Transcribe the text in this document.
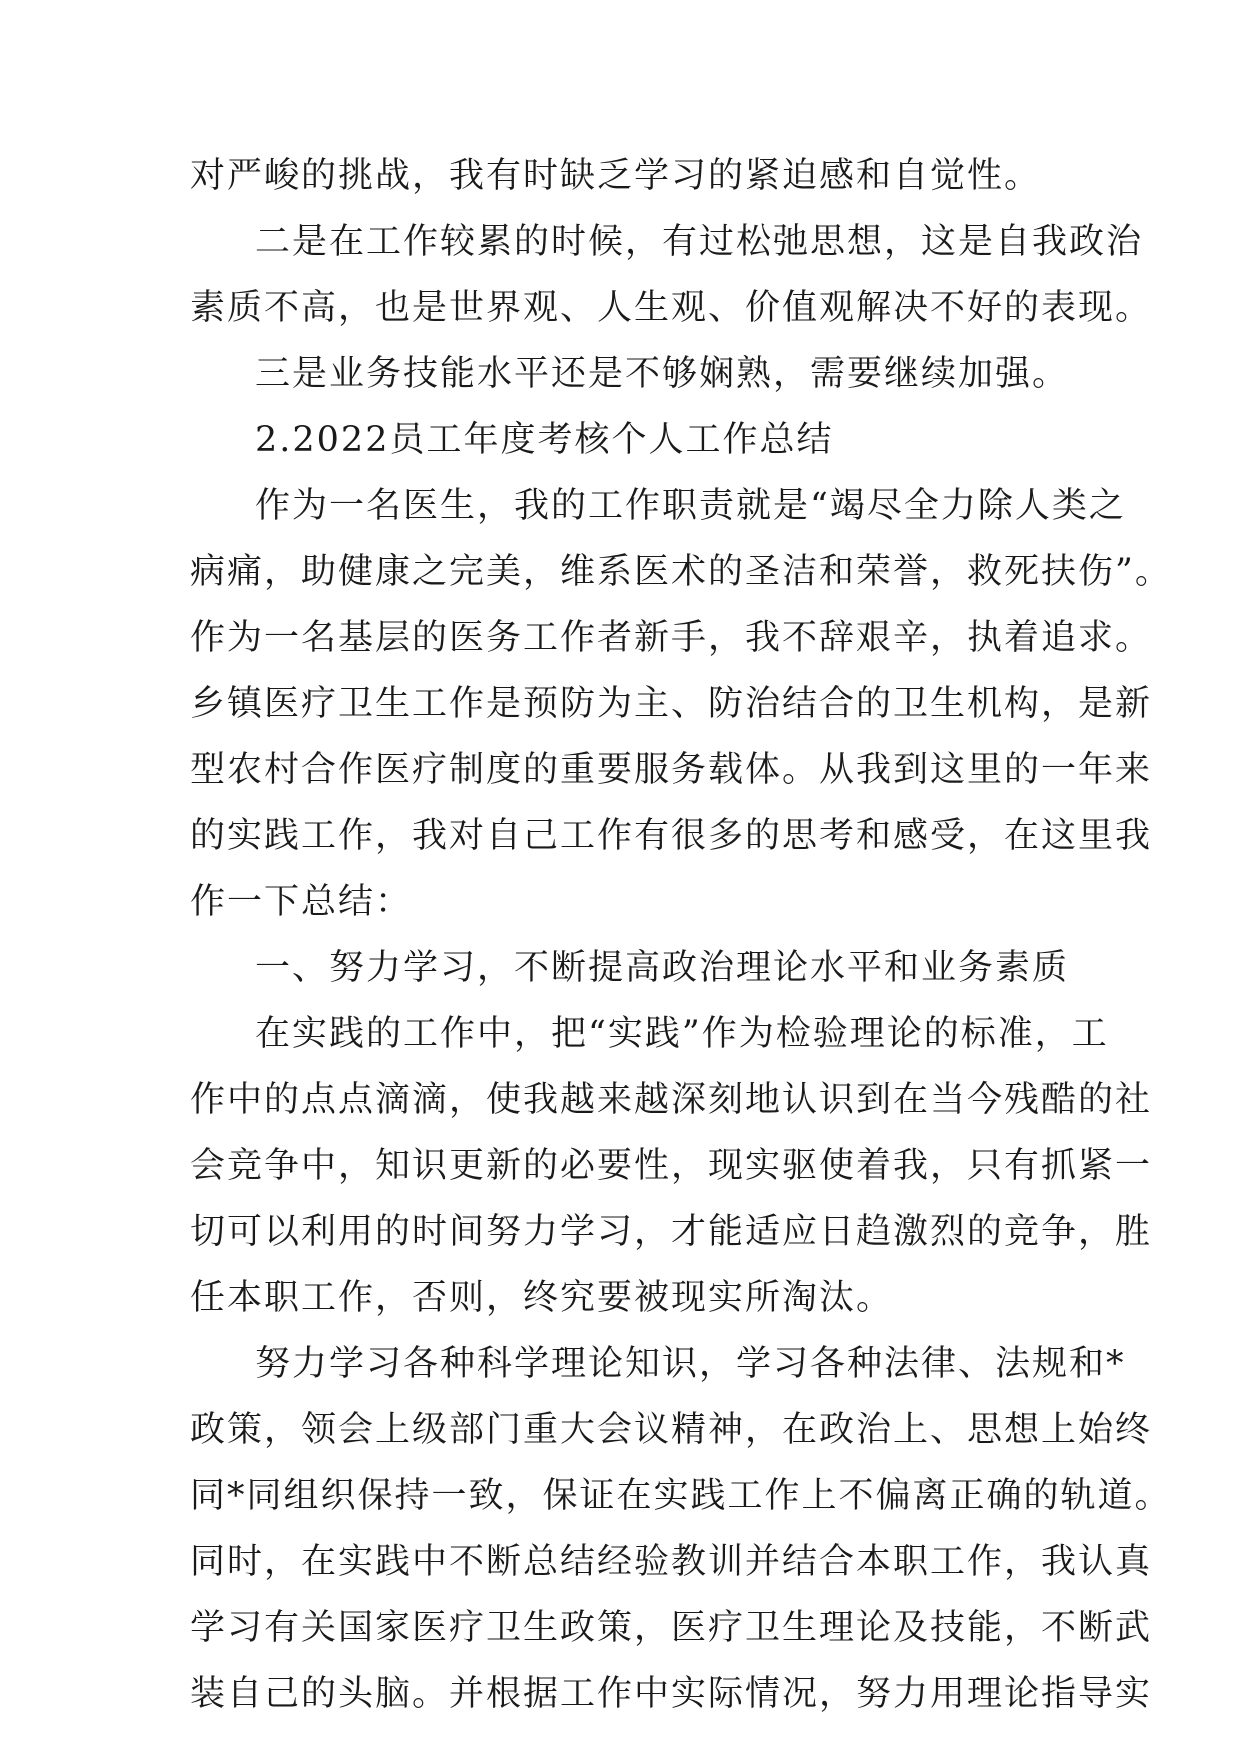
对严峻的挑战，我有时缺乏学习的紧迫感和自觉性。
二是在工作较累的时候，有过松弛思想，这是自我政治
素质不高，也是世界观、人生观、价值观解决不好的表现。
三是业务技能水平还是不够娴熟，需要继续加强。
2.2022员工年度考核个人工作总结
作为一名医生，我的工作职责就是“竭尽全力除人类之
病痛，助健康之完美，维系医术的圣洁和荣誉，救死扶伤”。
作为一名基层的医务工作者新手，我不辞艰辛，执着追求。
乡镇医疗卫生工作是预防为主、防治结合的卫生机构，是新
型农村合作医疗制度的重要服务载体。从我到这里的一年来
的实践工作，我对自己工作有很多的思考和感受，在这里我
作一下总结：
一、努力学习，不断提高政治理论水平和业务素质
在实践的工作中，把“实践”作为检验理论的标准，工
作中的点点滴滴，使我越来越深刻地认识到在当今残酷的社
会竞争中，知识更新的必要性，现实驱使着我，只有抓紧一
切可以利用的时间努力学习，才能适应日趋激烈的竞争，胜
任本职工作，否则，终究要被现实所淘汰。
努力学习各种科学理论知识，学习各种法律、法规和*
政策，领会上级部门重大会议精神，在政治上、思想上始终
同*同组织保持一致，保证在实践工作上不偏离正确的轨道。
同时，在实践中不断总结经验教训并结合本职工作，我认真
学习有关国家医疗卫生政策，医疗卫生理论及技能，不断武
装自己的头脑。并根据工作中实际情况，努力用理论指导实
